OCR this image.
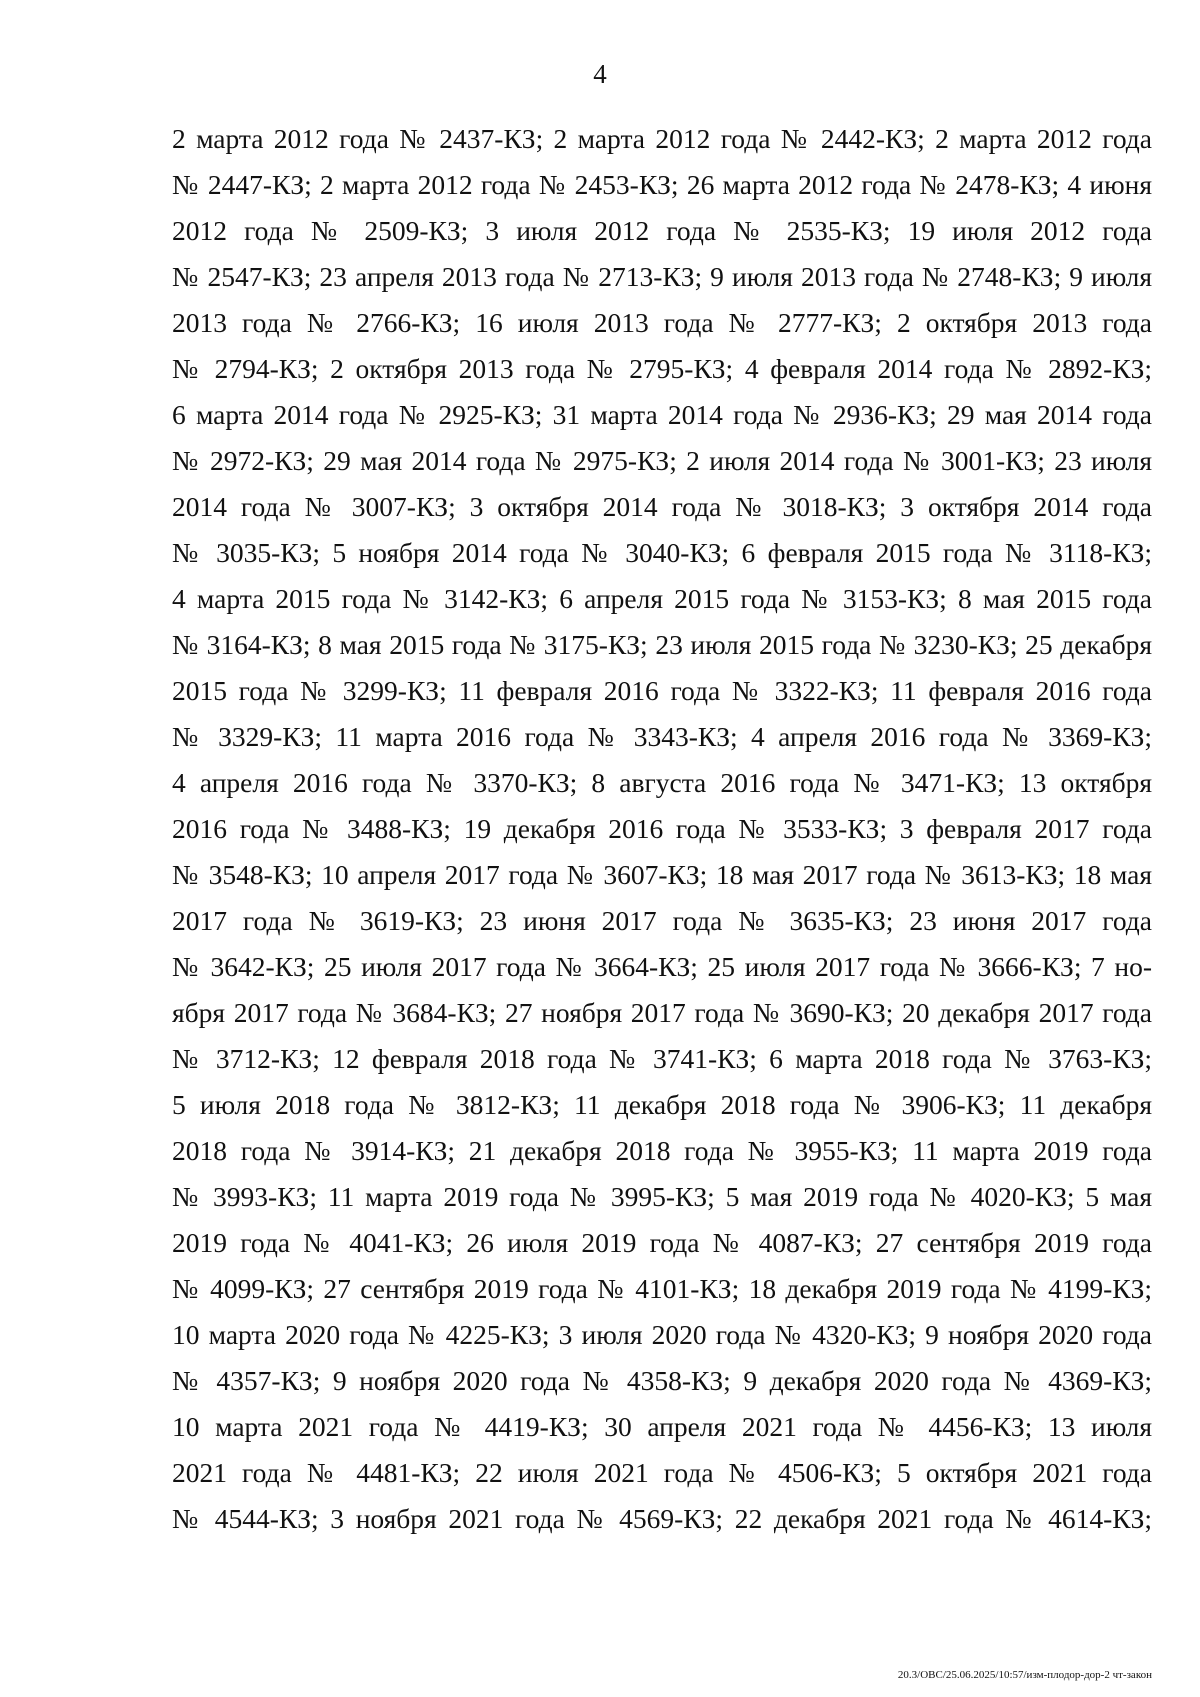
4
2 марта 2012 года № 2437-КЗ; 2 марта 2012 года № 2442-КЗ; 2 марта 2012 года
№ 2447-КЗ; 2 марта 2012 года № 2453-КЗ; 26 марта 2012 года № 2478-КЗ; 4 июня
2012 года № 2509-КЗ; 3 июля 2012 года № 2535-КЗ; 19 июля 2012 года
№ 2547-КЗ; 23 апреля 2013 года № 2713-КЗ; 9 июля 2013 года № 2748-КЗ; 9 июля
2013 года № 2766-КЗ; 16 июля 2013 года № 2777-КЗ; 2 октября 2013 года
№ 2794-КЗ; 2 октября 2013 года № 2795-КЗ; 4 февраля 2014 года № 2892-КЗ;
6 марта 2014 года № 2925-КЗ; 31 марта 2014 года № 2936-КЗ; 29 мая 2014 года
№ 2972-КЗ; 29 мая 2014 года № 2975-КЗ; 2 июля 2014 года № 3001-КЗ; 23 июля
2014 года № 3007-КЗ; 3 октября 2014 года № 3018-КЗ; 3 октября 2014 года
№ 3035-КЗ; 5 ноября 2014 года № 3040-КЗ; 6 февраля 2015 года № 3118-КЗ;
4 марта 2015 года № 3142-КЗ; 6 апреля 2015 года № 3153-КЗ; 8 мая 2015 года
№ 3164-КЗ; 8 мая 2015 года № 3175-КЗ; 23 июля 2015 года № 3230-КЗ; 25 декабря
2015 года № 3299-КЗ; 11 февраля 2016 года № 3322-КЗ; 11 февраля 2016 года
№ 3329-КЗ; 11 марта 2016 года № 3343-КЗ; 4 апреля 2016 года № 3369-КЗ;
4 апреля 2016 года № 3370-КЗ; 8 августа 2016 года № 3471-КЗ; 13 октября
2016 года № 3488-КЗ; 19 декабря 2016 года № 3533-КЗ; 3 февраля 2017 года
№ 3548-КЗ; 10 апреля 2017 года № 3607-КЗ; 18 мая 2017 года № 3613-КЗ; 18 мая
2017 года № 3619-КЗ; 23 июня 2017 года № 3635-КЗ; 23 июня 2017 года
№ 3642-КЗ; 25 июля 2017 года № 3664-КЗ; 25 июля 2017 года № 3666-КЗ; 7 но-
ября 2017 года № 3684-КЗ; 27 ноября 2017 года № 3690-КЗ; 20 декабря 2017 года
№ 3712-КЗ; 12 февраля 2018 года № 3741-КЗ; 6 марта 2018 года № 3763-КЗ;
5 июля 2018 года № 3812-КЗ; 11 декабря 2018 года № 3906-КЗ; 11 декабря
2018 года № 3914-КЗ; 21 декабря 2018 года № 3955-КЗ; 11 марта 2019 года
№ 3993-КЗ; 11 марта 2019 года № 3995-КЗ; 5 мая 2019 года № 4020-КЗ; 5 мая
2019 года № 4041-КЗ; 26 июля 2019 года № 4087-КЗ; 27 сентября 2019 года
№ 4099-КЗ; 27 сентября 2019 года № 4101-КЗ; 18 декабря 2019 года № 4199-КЗ;
10 марта 2020 года № 4225-КЗ; 3 июля 2020 года № 4320-КЗ; 9 ноября 2020 года
№ 4357-КЗ; 9 ноября 2020 года № 4358-КЗ; 9 декабря 2020 года № 4369-КЗ;
10 марта 2021 года № 4419-КЗ; 30 апреля 2021 года № 4456-КЗ; 13 июля
2021 года № 4481-КЗ; 22 июля 2021 года № 4506-КЗ; 5 октября 2021 года
№ 4544-КЗ; 3 ноября 2021 года № 4569-КЗ; 22 декабря 2021 года № 4614-КЗ;
20.3/ОВС/25.06.2025/10:57/изм-плодор-дор-2 чт-закон
